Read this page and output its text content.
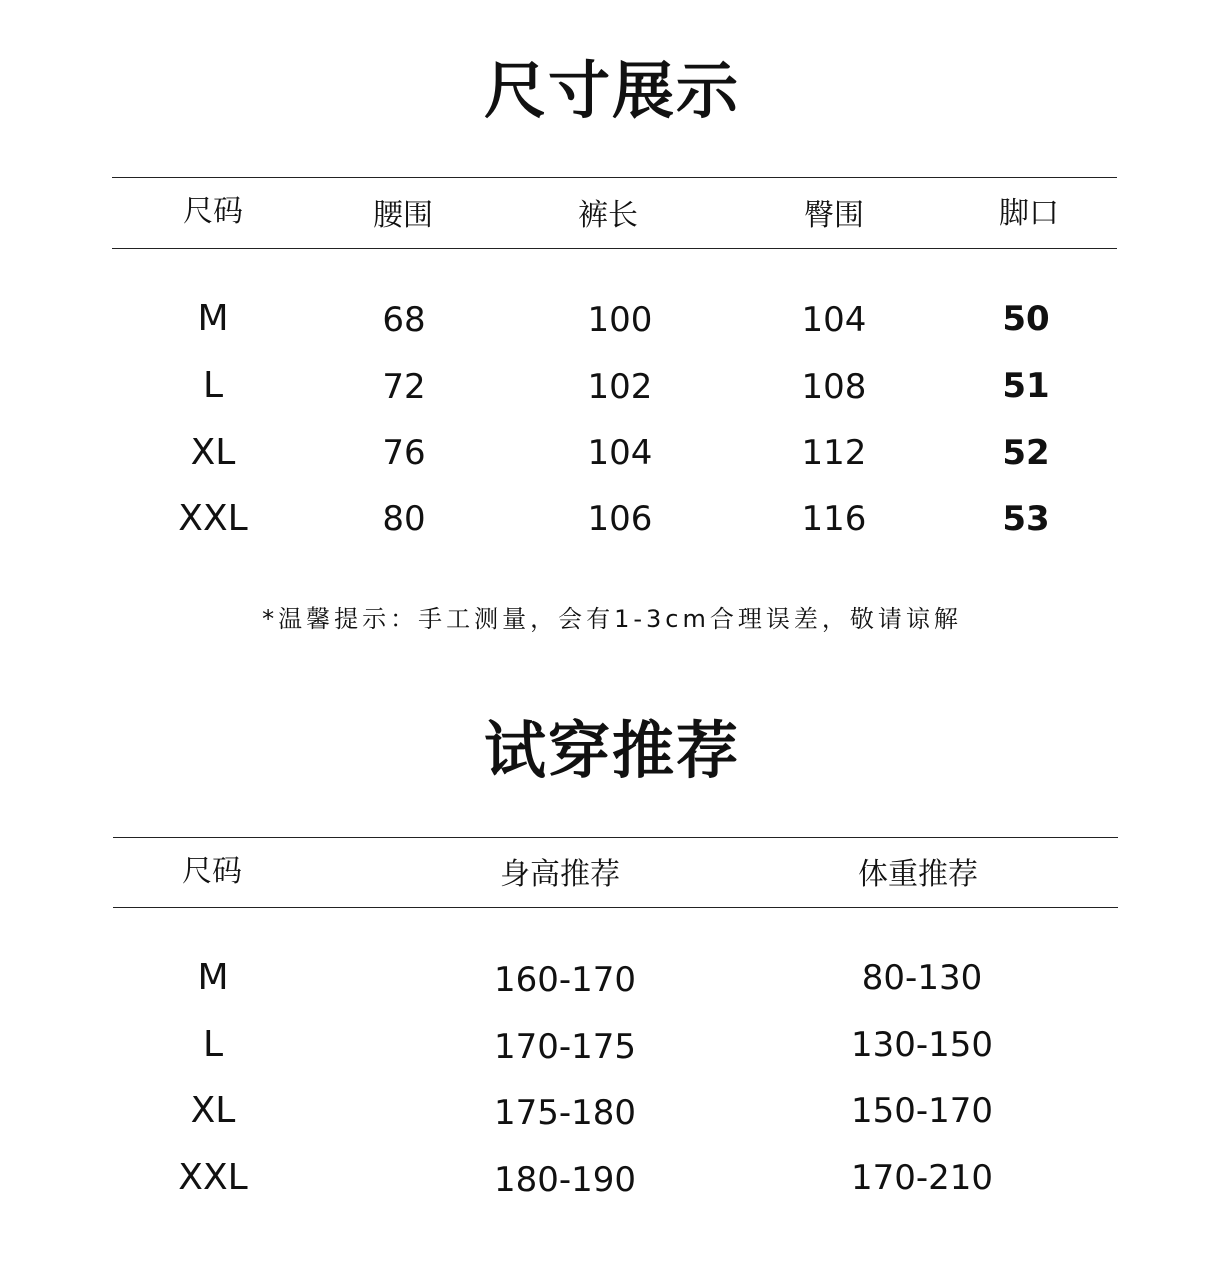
尺寸展示
尺码	腰围	裤长	臀围	脚口
M	68	100	104	50
L	72	102	108	51
XL	76	104	112	52
XXL	80	106	116	53
*温馨提示：手工测量，会有1-3cm合理误差，敬请谅解
试穿推荐
尺码	身高推荐	体重推荐
M	160-170	80-130
L	170-175	130-150
XL	175-180	150-170
XXL	180-190	170-210
